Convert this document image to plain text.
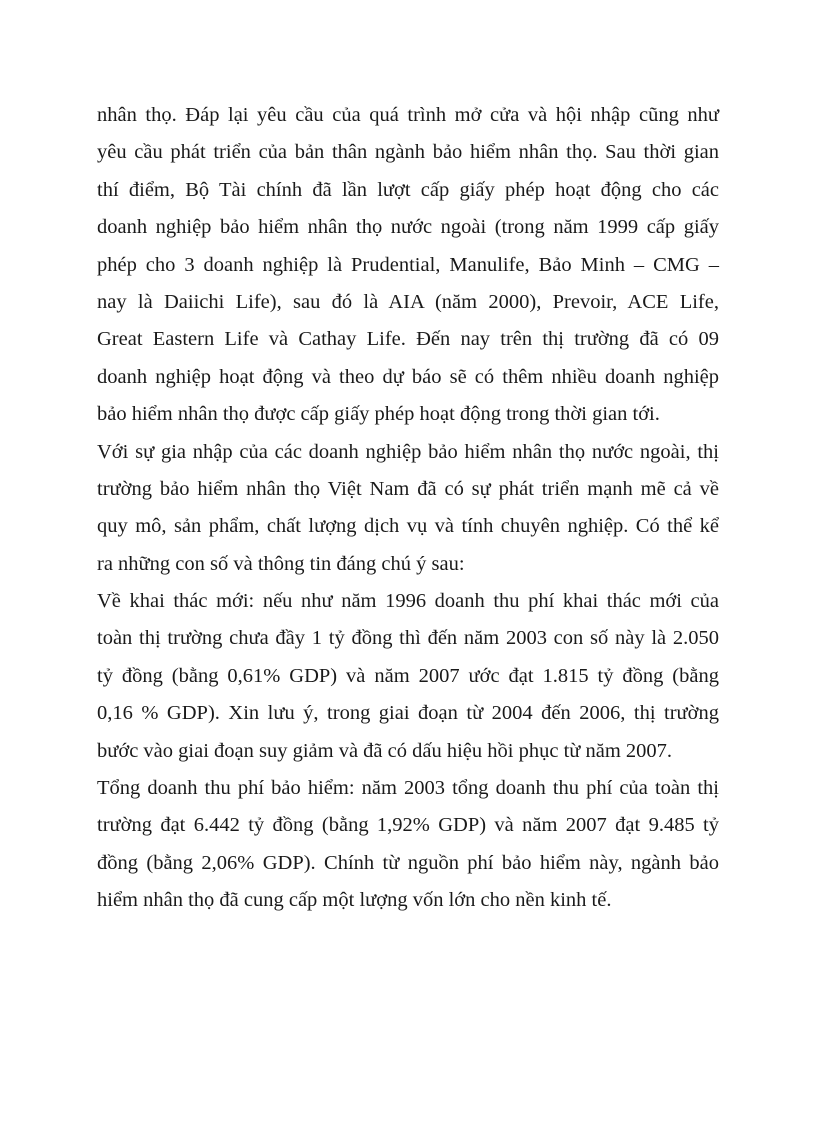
nhân thọ. Đáp lại yêu cầu của quá trình mở cửa và hội nhập cũng như
yêu cầu phát triển của bản thân ngành bảo hiểm nhân thọ. Sau thời gian
thí điểm, Bộ Tài chính đã lần lượt cấp giấy phép hoạt động cho các
doanh nghiệp bảo hiểm nhân thọ nước ngoài (trong năm 1999 cấp giấy
phép cho 3 doanh nghiệp là Prudential, Manulife, Bảo Minh – CMG –
nay là Daiichi Life), sau đó là AIA (năm 2000), Prevoir, ACE Life,
Great Eastern Life và Cathay Life. Đến nay trên thị trường đã có 09
doanh nghiệp hoạt động và theo dự báo sẽ có thêm nhiều doanh nghiệp
bảo hiểm nhân thọ được cấp giấy phép hoạt động trong thời gian tới.
Với sự gia nhập của các doanh nghiệp bảo hiểm nhân thọ nước ngoài, thị
trường bảo hiểm nhân thọ Việt Nam đã có sự phát triển mạnh mẽ cả về
quy mô, sản phẩm, chất lượng dịch vụ và tính chuyên nghiệp. Có thể kể
ra những con số và thông tin đáng chú ý sau:
Về khai thác mới: nếu như năm 1996 doanh thu phí khai thác mới của
toàn thị trường chưa đầy 1 tỷ đồng thì đến năm 2003 con số này là 2.050
tỷ đồng (bằng 0,61% GDP) và năm 2007 ước đạt 1.815 tỷ đồng (bằng
0,16 % GDP). Xin lưu ý, trong giai đoạn từ 2004 đến 2006, thị trường
bước vào giai đoạn suy giảm và đã có dấu hiệu hồi phục từ năm 2007.
Tổng doanh thu phí bảo hiểm: năm 2003 tổng doanh thu phí của toàn thị
trường đạt 6.442 tỷ đồng (bằng 1,92% GDP) và năm 2007 đạt 9.485 tỷ
đồng (bằng 2,06% GDP). Chính từ nguồn phí bảo hiểm này, ngành bảo
hiểm nhân thọ đã cung cấp một lượng vốn lớn cho nền kinh tế.
